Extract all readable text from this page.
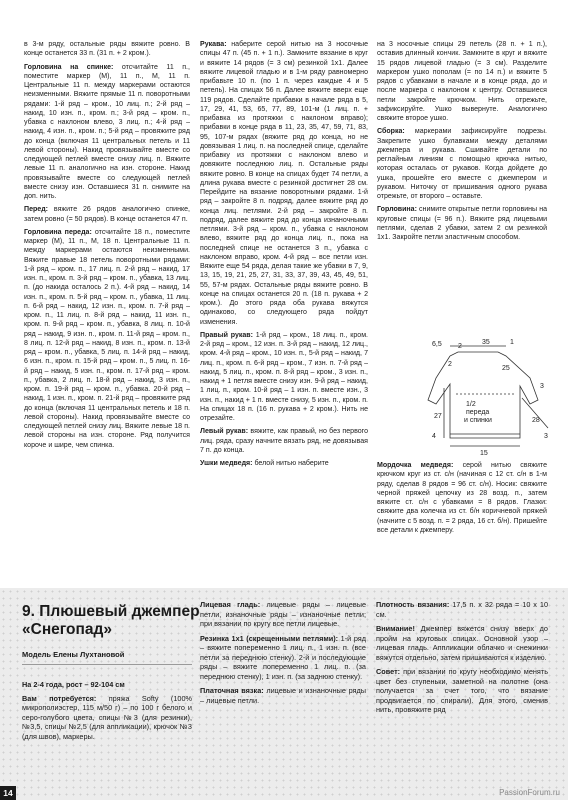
в 3-м ряду, остальные ряды вяжите ровно. В конце останется 33 п. (31 п. + 2 кром.).

Горловина на спинке: отсчитайте 11 п., поместите маркер (М), 11 п., М, 11 п. Центральные 11 п. между маркерами остаются неизменными. Вяжите прямые 11 п. поворотными рядами: 1-й ряд – кром., 10 лиц. п.; 2-й ряд – накид, 10 изн. п., кром. п.; 3-й ряд – кром. п., убавка с наклоном влево, 3 лиц. п.; 4-й ряд – накид, 4 изн. п., кром. п.; 5-й ряд – провяжите ряд до конца (включая 11 центральных петель и 11 левой стороны). Накид провязывайте вместе со следующей петлей вместе снизу лиц. п. Вяжите левые 11 п. аналогично на изн. стороне. Накид провязывайте вместе со следующей петлей вместе снизу изн. Оставшиеся 31 п. снимите на доп. нить.

Перед: вяжите 26 рядов аналогично спинке, затем ровно (= 50 рядов). В конце останется 47 п.

Горловина переда: отсчитайте 18 п., поместите маркер (М), 11 п., М, 18 п. Центральные 11 п. между маркерами остаются неизменными. Вяжите правые 18 петель поворотными рядами: 1-й ряд – кром. п., 17 лиц. п. 2-й ряд – накид, 17 изн. п., кром. п. 3-й ряд – кром. п., убавка, 13 лиц. п. (до накида осталось 2 п.). 4-й ряд – накид, 14 изн. п., кром. п. 5-й ряд – кром. п., убавка, 11 лиц. п. 6-й ряд – накид, 12 изн. п., кром. п. 7-й ряд – кром. п., 11 лиц. п. 8-й ряд – накид, 11 изн. п., кром. п. 9-й ряд – кром. п., убавка, 8 лиц. п. 10-й ряд – накид, 9 изн. п., кром. п. 11-й ряд – кром. п., 8 лиц. п. 12-й ряд – накид, 8 изн. п., кром. п. 13-й ряд – кром. п., убавка, 5 лиц. п. 14-й ряд – накид, 6 изн. п., кром. п. 15-й ряд – кром. п., 5 лиц. п. 16-й ряд – накид, 5 изн. п., кром. п. 17-й ряд – кром. п., убавка, 2 лиц. п. 18-й ряд – накид, 3 изн. п., кром. п. 19-й ряд – кром. п., убавка. 20-й ряд – накид, 1 изн. п., кром. п. 21-й ряд – провяжите ряд до конца (включая 11 центральных петель и 18 п. левой стороны). Накид провязывайте вместе со следующей петлей снизу лиц. Вяжите левые 18 п. левой стороны на изн. стороне. Ряд получится короче и шире, чем спинка.

Рукава: наберите серой нитью на 3 носочные спицы 47 п. (45 п. + 1 п.). Замкните вязание в круг и вяжите 14 рядов (= 3 см) резинкой 1х1. Далее вяжите лицевой гладью и в 1-м ряду равномерно прибавьте 10 п. (по 1 п. через каждые 4 и 5 петель). На спицах 56 п. Далее вяжите вверх еще 119 рядов. Сделайте прибавки в начале ряда в 5, 17, 29, 41, 53, 65, 77, 89, 101-м (1 лиц. п. + прибавка из протяжки с наклоном вправо); прибавки в конце ряда в 11, 23, 35, 47, 59, 71, 83, 95, 107-м рядах (вяжите ряд до конца, но не довязывая 1 лиц. п. на последней спице, сделайте прибавку из протяжки с наклоном влево и довяжите последнюю лиц. п. Остальные ряды вяжите ровно. В конце на спицах будет 74 петли, а длина рукава вместе с резинкой достигнет 28 см. Перейдите на вязание поворотными рядами. 1-й ряд – закройте 8 п. подряд, далее вяжите ряд до конца лиц. петлями. 2-й ряд – закройте 8 п. подряд, далее вяжите ряд до конца изнаночными петлями. 3-й ряд – кром. п., убавка с наклоном влево, вяжите ряд до конца лиц. п., пока на последней спице не останется 3 п., убавка с наклоном вправо, кром. 4-й ряд – все петли изн. Вяжите еще 54 ряда, делая такие же убавки в 7, 9, 13, 15, 19, 21, 25, 27, 31, 33, 37, 39, 43, 45, 49, 51, 55, 57-м рядах. Остальные ряды вяжите ровно. В конце на спицах останется 20 п. (18 п. рукава + 2 кром.). До этого ряда оба рукава вяжутся одинаково, со следующего ряда пойдут изменения.

Правый рукав: 1-й ряд – кром., 18 лиц. п., кром. 2-й ряд – кром., 12 изн. п. 3-й ряд – накид, 12 лиц., кром. 4-й ряд – кром., 10 изн. п., 5-й ряд – накид, 7 лиц. п., кром. п. 6-й ряд – кром., 7 изн. п. 7-й ряд – накид, 5 лиц. п., кром. п. 8-й ряд – кром., 3 изн. п., накид + 1 петля вместе снизу изн. 9-й ряд – накид, 1 лиц. п., кром. 10-й ряд – 1 изн. п. вместе изн., 3 изн. п., накид + 1 п. вместе снизу, 5 изн. п., кром. п. На спицах 18 п. (16 п. рукава + 2 кром.). Нить не отрезайте.

Левый рукав: вяжите, как правый, но без первого лиц. ряда, сразу начните вязать ряд, не довязывая 7 п. до конца.

Ушки медведя: белой нитью наберите

на 3 носочные спицы 29 петель (28 п. + 1 п.), оставив длинный кончик. Замкните в круг и вяжите 15 рядов лицевой гладью (= 3 см). Разделите маркером ушко пополам (= по 14 п.) и вяжите 5 рядов с убавками в начале и в конце ряда, до и после маркера с наклоном к центру. Оставшиеся петли закройте крючком. Нить отрежьте, зафиксируйте. Ушко вывернуте. Аналогично свяжите второе ушко.

Сборка: маркерами зафиксируйте подрезы. Закрепите ушко булавками между деталями джемпера и рукава. Сшивайте детали по реглайным линиям с помощью крючка нитью, которая осталась от рукавов. Когда дойдете до ушка, прошейте его вместе с джемпером и рукавом. Ниточку от пришивания одного рукава отрежьте, от второго – оставьте.

Горловина: снимите открытые петли горловины на круговые спицы (= 96 п.). Вяжите ряд лицевыми петлями, сделав 2 убавки, затем 2 см резинкой 1х1. Закройте петли эластичным способом.

Мордочка медведя: серой нитью свяжите крючком круг из ст. с/н (начиная с 12 ст. с/н в 1-м ряду, сделав 8 рядов = 96 ст. с/н). Носик: свяжите черной пряжей цепочку из 28 возд. п., затем вяжите ст. с/н с убавками = 8 рядов. Глазки: свяжите два колечка из ст. б/н коричневой пряжей (начните с 5 возд. п. = 2 ряда, 16 ст. б/н). Пришейте все детали к джемперу.

6,5 2
35	1
2
3
25
1/2
переда
и спинки
27
28
15
4	3
9. Плюшевый джемпер «Снегопад»
Модель Елены Лухтановой

На 2-4 года, рост – 92-104 см

Вам потребуется: пряжа Softy (100% микрополиэстер, 115 м/50 г) – по 100 г белого и серо-голубого цвета, спицы №3 (для резинки), №3,5, спицы №2,5 (для аппликации), крючок №3 (для швов), маркеры.

Лицевая гладь: лицевые ряды – лицевые петли, изнаночные ряды – изнаночные петли; при вязании по кругу все петли лицевые.

Резинка 1х1 (скрещенными петлями): 1-й ряд – вяжите попеременно 1 лиц. п., 1 изн. п. (все петли за переднюю стенку). 2-й и последующие ряды – вяжите попеременно 1 лиц. п. (за переднюю стенку), 1 изн. п. (за заднюю стенку).

Платочная вязка: лицевые и изнаночные ряды – лицевые петли.

Плотность вязания: 17,5 п. х 32 ряда = 10 х 10 см.

Внимание! Джемпер вяжется снизу вверх до пройм на круговых спицах. Основной узор – лицевая гладь. Аппликации облачко и снежинки вяжутся отдельно, затем пришиваются к изделию.

Совет: при вязании по кругу необходимо менять цвет без ступеньки, заметной на полотне (она получается за счет того, что вязание продвигается по спирали). Для этого, сменив нить, провяжите ряд

14	PassionForum.ru
